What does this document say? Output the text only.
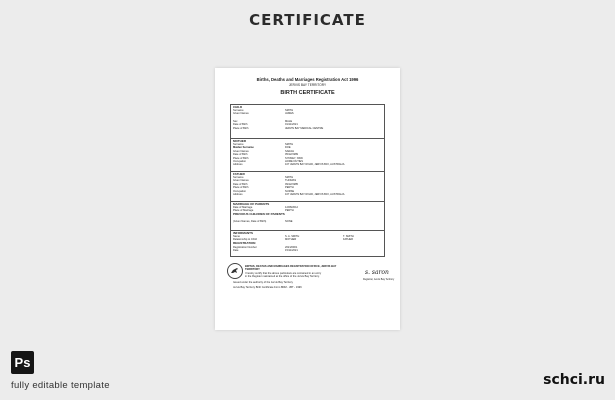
CERTIFICATE
Births, Deaths and Marriages Registration Act 1996
JERVIS BAY TERRITORY
BIRTH CERTIFICATE
CHILD
Surname	SMITH
Given Names	JAMES
Sex	MALE
Date of Birth	01/11/2021
Place of Birth	JERVIS BAY MEDICAL CENTRE
MOTHER
Surname	SMITH
Maiden Surname	DOE
Given Names	SARAH
Date of Birth	05/12/1989
Place of Birth	SYDNEY, NSW
Occupation	HOME DUTIES
Address	107 JERVIS BAY ROAD, JERVIS BAY, AUSTRALIA
FATHER
Surname	SMITH
Given Names	THOMAS
Date of Birth	09/12/1985
Place of Birth	PERTH
Occupation	NURSE
Address	107 JERVIS BAY ROAD, JERVIS BAY, AUSTRALIA
MARRIAGE OF PARENTS
Date of Marriage	12/08/2012
Place of Marriage	PERTH
PREVIOUS CHILDREN OF PARENTS
(Given Names, Date of Birth)	NONE
INFORMANTS
Name	S. A. SMITH	T. SMITH
Relationship to Child	MOTHER	FATHER
REGISTRATION
Registration Number	2021/0001
Date	15/11/2021
BIRTHS, DEATHS AND MARRIAGES REGISTRATION OFFICE, JERVIS BAY TERRITORY
I hereby certify that the above particulars are contained in an entry
in the Register maintained at the office of the Jervis Bay Territory.
s. saron
Registrar, Jervis Bay Territory
Issued under the authority of the Jervis Bay Territory
Jervis Bay Territory Birth Certificate Form BDM - JBT - 1996
Ps
fully editable template	schci.ru
